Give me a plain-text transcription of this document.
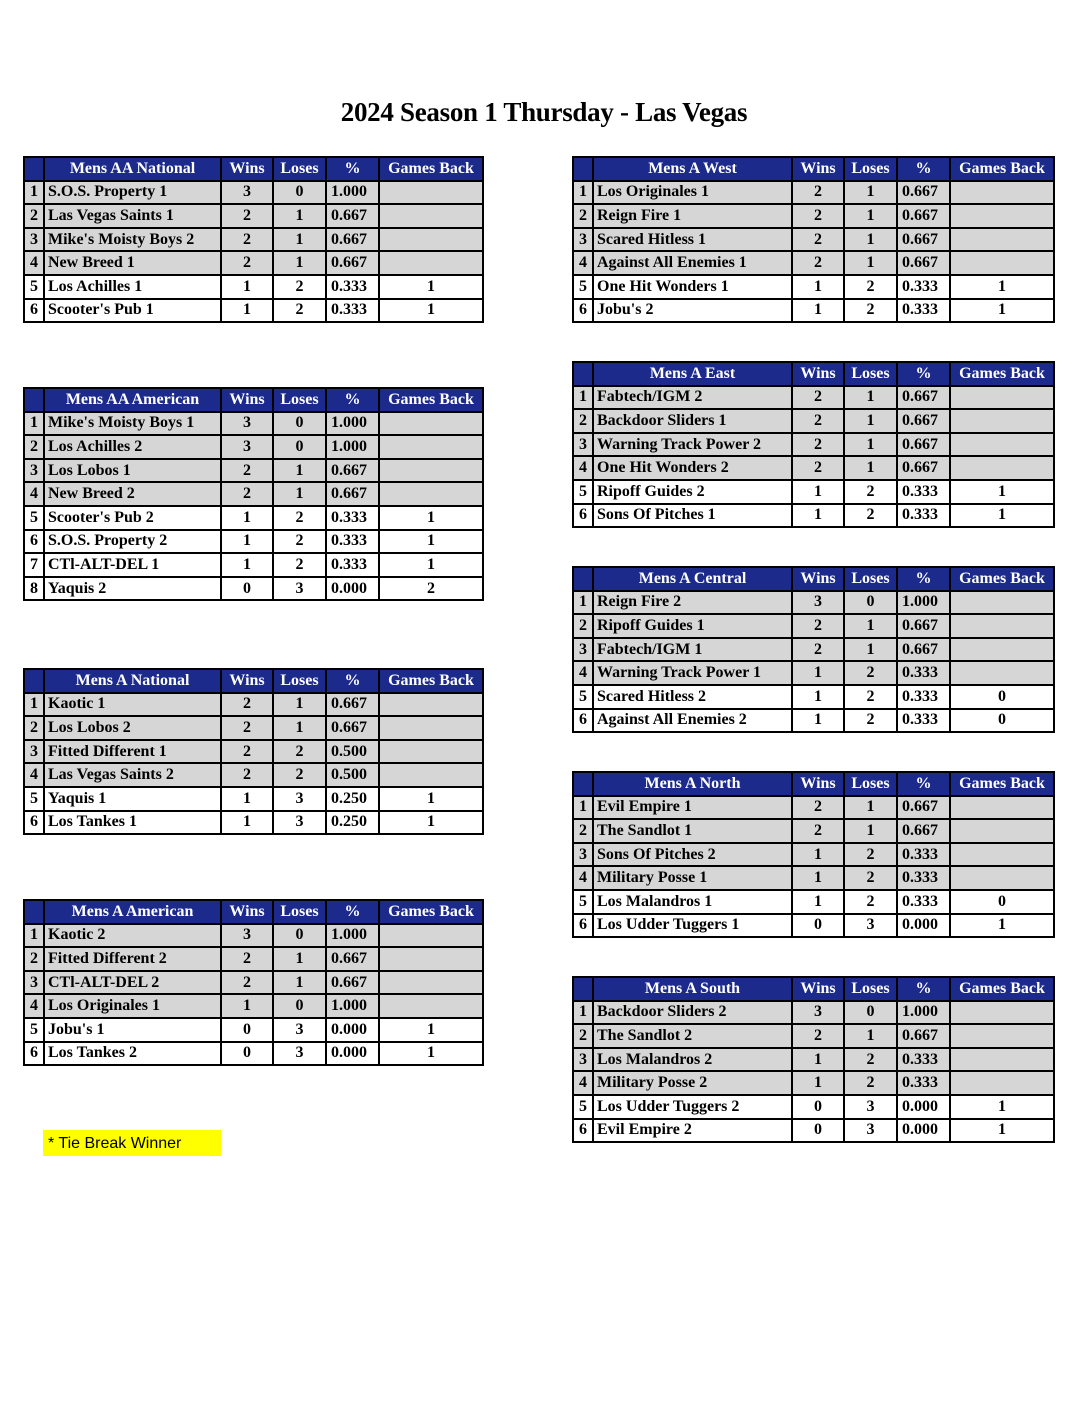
2024 Season 1 Thursday - Las Vegas
	Mens AA National	Wins	Loses	%	Games Back
1	S.O.S. Property 1	3	0	1.000	
2	Las Vegas Saints 1	2	1	0.667	
3	Mike's Moisty Boys 2	2	1	0.667	
4	New Breed 1	2	1	0.667	
5	Los Achilles 1	1	2	0.333	1
6	Scooter's Pub 1	1	2	0.333	1
	Mens AA American	Wins	Loses	%	Games Back
1	Mike's Moisty Boys 1	3	0	1.000	
2	Los Achilles 2	3	0	1.000	
3	Los Lobos 1	2	1	0.667	
4	New Breed 2	2	1	0.667	
5	Scooter's Pub 2	1	2	0.333	1
6	S.O.S. Property 2	1	2	0.333	1
7	CTl-ALT-DEL 1	1	2	0.333	1
8	Yaquis 2	0	3	0.000	2
	Mens A National	Wins	Loses	%	Games Back
1	Kaotic 1	2	1	0.667	
2	Los Lobos 2	2	1	0.667	
3	Fitted Different 1	2	2	0.500	
4	Las Vegas Saints 2	2	2	0.500	
5	Yaquis 1	1	3	0.250	1
6	Los Tankes 1	1	3	0.250	1
	Mens A American	Wins	Loses	%	Games Back
1	Kaotic 2	3	0	1.000	
2	Fitted Different 2	2	1	0.667	
3	CTl-ALT-DEL 2	2	1	0.667	
4	Los Originales 1	1	0	1.000	
5	Jobu's 1	0	3	0.000	1
6	Los Tankes 2	0	3	0.000	1
	Mens A West	Wins	Loses	%	Games Back
1	Los Originales 1	2	1	0.667	
2	Reign Fire 1	2	1	0.667	
3	Scared Hitless 1	2	1	0.667	
4	Against All Enemies 1	2	1	0.667	
5	One Hit Wonders 1	1	2	0.333	1
6	Jobu's 2	1	2	0.333	1
	Mens A East	Wins	Loses	%	Games Back
1	Fabtech/IGM 2	2	1	0.667	
2	Backdoor Sliders 1	2	1	0.667	
3	Warning Track Power 2	2	1	0.667	
4	One Hit Wonders 2	2	1	0.667	
5	Ripoff Guides 2	1	2	0.333	1
6	Sons Of Pitches 1	1	2	0.333	1
	Mens A Central	Wins	Loses	%	Games Back
1	Reign Fire 2	3	0	1.000	
2	Ripoff Guides 1	2	1	0.667	
3	Fabtech/IGM 1	2	1	0.667	
4	Warning Track Power 1	1	2	0.333	
5	Scared Hitless 2	1	2	0.333	0
6	Against All Enemies 2	1	2	0.333	0
	Mens A North	Wins	Loses	%	Games Back
1	Evil Empire 1	2	1	0.667	
2	The Sandlot 1	2	1	0.667	
3	Sons Of Pitches 2	1	2	0.333	
4	Military Posse 1	1	2	0.333	
5	Los Malandros 1	1	2	0.333	0
6	Los Udder Tuggers 1	0	3	0.000	1
	Mens A South	Wins	Loses	%	Games Back
1	Backdoor Sliders 2	3	0	1.000	
2	The Sandlot 2	2	1	0.667	
3	Los Malandros 2	1	2	0.333	
4	Military Posse 2	1	2	0.333	
5	Los Udder Tuggers 2	0	3	0.000	1
6	Evil Empire 2	0	3	0.000	1
* Tie Break Winner
